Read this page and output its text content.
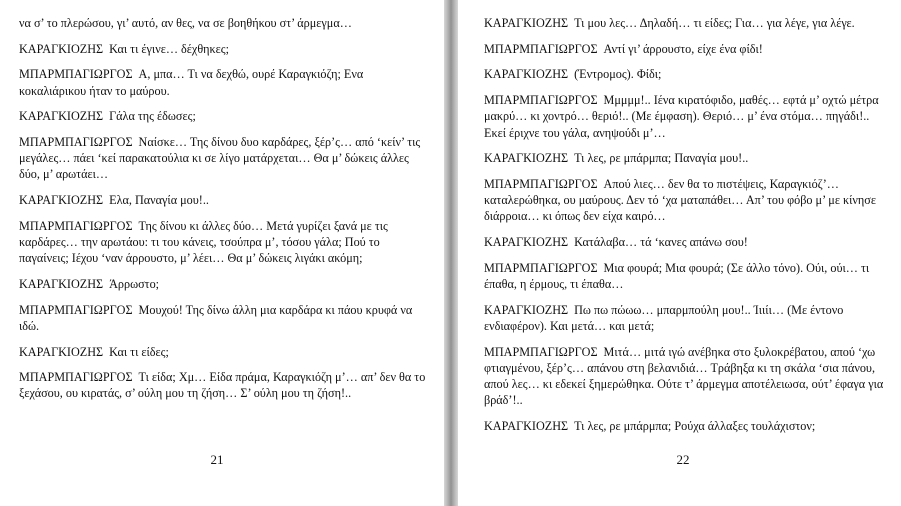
να σ’ το πλερώσου, γι’ αυτό, αν θες, να σε βοηθήκου στ’ άρμεγμα…

ΚΑΡΑΓΚΙΟΖΗΣ Και τι έγινε… δέχθηκες;

ΜΠΑΡΜΠΑΓΙΩΡΓΟΣ Α, μπα… Τι να δεχθώ, ουρέ Καραγκιόζη; Ενα κοκαλιάρικου ήταν το μαύρου.

ΚΑΡΑΓΚΙΟΖΗΣ Γάλα της έδωσες;

ΜΠΑΡΜΠΑΓΙΩΡΓΟΣ Ναίσκε… Της δίνου δυο καρδάρες, ξέρ’ς… από ‘κείν’ τις μεγάλες… πάει ‘κεί παρακατούλια κι σε λίγο ματάρχεται… Θα μ’ δώκεις άλλες δύο, μ’ αρωτάει…

ΚΑΡΑΓΚΙΟΖΗΣ Ελα, Παναγία μου!..

ΜΠΑΡΜΠΑΓΙΩΡΓΟΣ Της δίνου κι άλλες δύο… Μετά γυρίζει ξανά με τις καρδάρες… την αρωτάου: τι του κάνεις, τσούπρα μ’, τόσου γάλα; Πού το παγαίνεις; Ιέχου ‘ναν άρρουστο, μ’ λέει… Θα μ’ δώκεις λιγάκι ακόμη;

ΚΑΡΑΓΚΙΟΖΗΣ Άρρωστο;

ΜΠΑΡΜΠΑΓΙΩΡΓΟΣ Μουχού! Της δίνω άλλη μια καρδάρα κι πάου κρυφά να ιδώ.

ΚΑΡΑΓΚΙΟΖΗΣ Και τι είδες;

ΜΠΑΡΜΠΑΓΙΩΡΓΟΣ Τι είδα; Χμ… Είδα πράμα, Καραγκιόζη μ’… απ’ δεν θα το ξεχάσου, ου κιρατάς, σ’ ούλη μου τη ζήση… Σ’ ούλη μου τη ζήση!..

21

ΚΑΡΑΓΚΙΟΖΗΣ Τι μου λες… Δηλαδή… τι είδες; Για… για λέγε, για λέγε.

ΜΠΑΡΜΠΑΓΙΩΡΓΟΣ Αντί γι’ άρρουστο, είχε ένα φίδι!

ΚΑΡΑΓΚΙΟΖΗΣ (Έντρομος). Φίδι;

ΜΠΑΡΜΠΑΓΙΩΡΓΟΣ Μμμμμ!.. Ιένα κιρατόφιδο, μαθές… εφτά μ’ οχτώ μέτρα μακρύ… κι χοντρό… θεριό!.. (Με έμφαση). Θεριό… μ’ ένα στόμα… πηγάδι!.. Εκεί έριχνε του γάλα, ανηψούδι μ’…

ΚΑΡΑΓΚΙΟΖΗΣ Τι λες, ρε μπάρμπα; Παναγία μου!..

ΜΠΑΡΜΠΑΓΙΩΡΓΟΣ Απού λιες… δεν θα το πιστέψεις, Καραγκιόζ’… καταλερώθηκα, ου μαύρους. Δεν τό ‘χα ματαπάθει… Απ’ του φόβο μ’ με κίνησε διάρροια… κι όπως δεν είχα καιρό…

ΚΑΡΑΓΚΙΟΖΗΣ Κατάλαβα… τά ‘κανες απάνω σου!

ΜΠΑΡΜΠΑΓΙΩΡΓΟΣ Μια φουρά; Μια φουρά; (Σε άλλο τόνο). Ούι, ούι… τι έπαθα, η έρμους, τι έπαθα…

ΚΑΡΑΓΚΙΟΖΗΣ Πω πω πώωω… μπαρμπούλη μου!.. Ίιιίι… (Με έντονο ενδιαφέρον). Και μετά… και μετά;

ΜΠΑΡΜΠΑΓΙΩΡΓΟΣ Μιτά… μιτά ιγώ ανέβηκα στο ξυλοκρέβατου, απού ‘χω φτιαγμένου, ξέρ’ς… απάνου στη βελανιδιά… Τράβηξα κι τη σκάλα ‘σια πάνου, απού λες… κι εδεκεί ξημερώθηκα. Ούτε τ’ άρμεγμα αποτέλειωσα, ούτ’ έφαγα για βράδ’!..

ΚΑΡΑΓΚΙΟΖΗΣ Τι λες, ρε μπάρμπα; Ρούχα άλλαξες τουλάχιστον;

22
